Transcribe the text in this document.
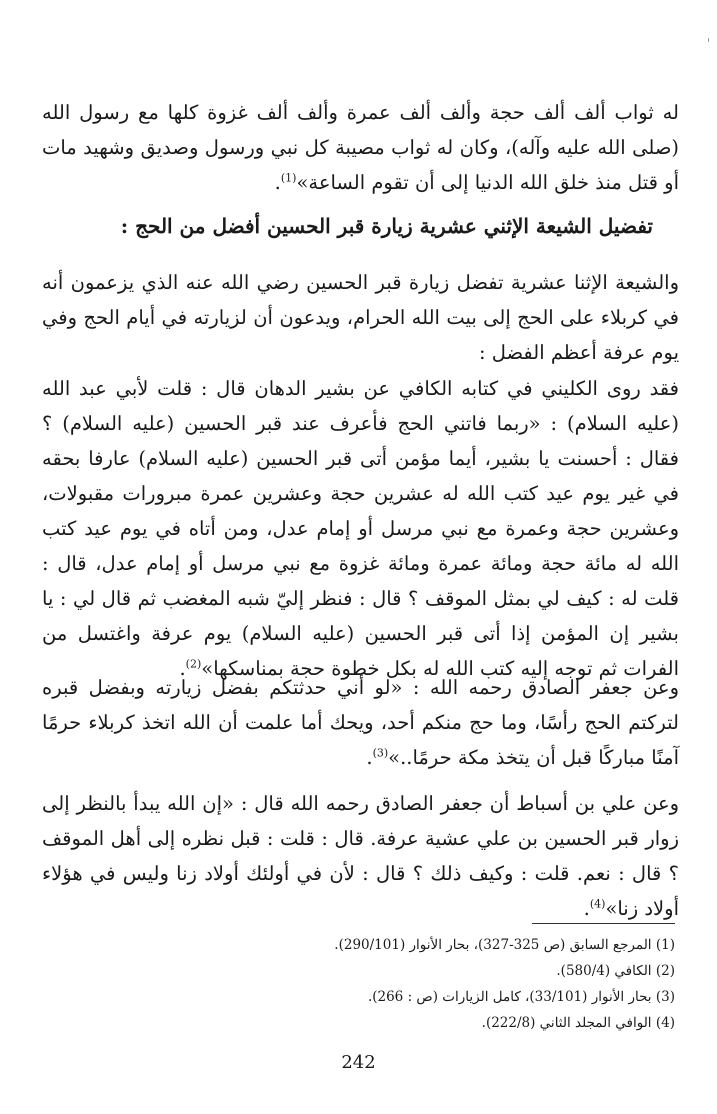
له ثواب ألف ألف حجة وألف ألف عمرة وألف ألف غزوة كلها مع رسول الله (صلى الله عليه وآله)، وكان له ثواب مصيبة كل نبي ورسول وصديق وشهيد مات أو قتل منذ خلق الله الدنيا إلى أن تقوم الساعة»$^{(1)}$.

تفضيل الشيعة الإثني عشرية زيارة قبر الحسين أفضل من الحج :

والشيعة الإثنا عشرية تفضل زيارة قبر الحسين رضي الله عنه الذي يزعمون أنه في كربلاء على الحج إلى بيت الله الحرام، ويدعون أن لزيارته في أيام الحج وفي يوم عرفة أعظم الفضل :

فقد روى الكليني في كتابه الكافي عن بشير الدهان قال : قلت لأبي عبد الله (عليه السلام) : «ربما فاتني الحج فأعرف عند قبر الحسين (عليه السلام) ؟ فقال : أحسنت يا بشير، أيما مؤمن أتى قبر الحسين (عليه السلام) عارفا بحقه في غير يوم عيد كتب الله له عشرين حجة وعشرين عمرة مبرورات مقبولات، وعشرين حجة وعمرة مع نبي مرسل أو إمام عدل، ومن أتاه في يوم عيد كتب الله له مائة حجة ومائة عمرة ومائة غزوة مع نبي مرسل أو إمام عدل، قال : قلت له : كيف لي بمثل الموقف ؟ قال : فنظر إليّ شبه المغضب ثم قال لي : يا بشير إن المؤمن إذا أتى قبر الحسين (عليه السلام) يوم عرفة واغتسل من الفرات ثم توجه إليه كتب الله له بكل خطوة حجة بمناسكها»$^{(2)}$.

وعن جعفر الصادق رحمه الله : «لو أني حدثتكم بفضل زيارته وبفضل قبره لتركتم الحج رأسًا، وما حج منكم أحد، ويحك أما علمت أن الله اتخذ كربلاء حرمًا آمنًا مباركًا قبل أن يتخذ مكة حرمًا..»$^{(3)}$.

وعن علي بن أسباط أن جعفر الصادق رحمه الله قال : «إن الله يبدأ بالنظر إلى زوار قبر الحسين بن علي عشية عرفة. قال : قلت : قبل نظره إلى أهل الموقف ؟ قال : نعم. قلت : وكيف ذلك ؟ قال : لأن في أولئك أولاد زنا وليس في هؤلاء أولاد زنا»$^{(4)}$.

(1) المرجع السابق (ص 325-327)، بحار الأنوار (290/101).
(2) الكافي (580/4).
(3) بحار الأنوار (33/101)، كامل الزيارات (ص : 266).
(4) الوافي المجلد الثاني (222/8).
242
